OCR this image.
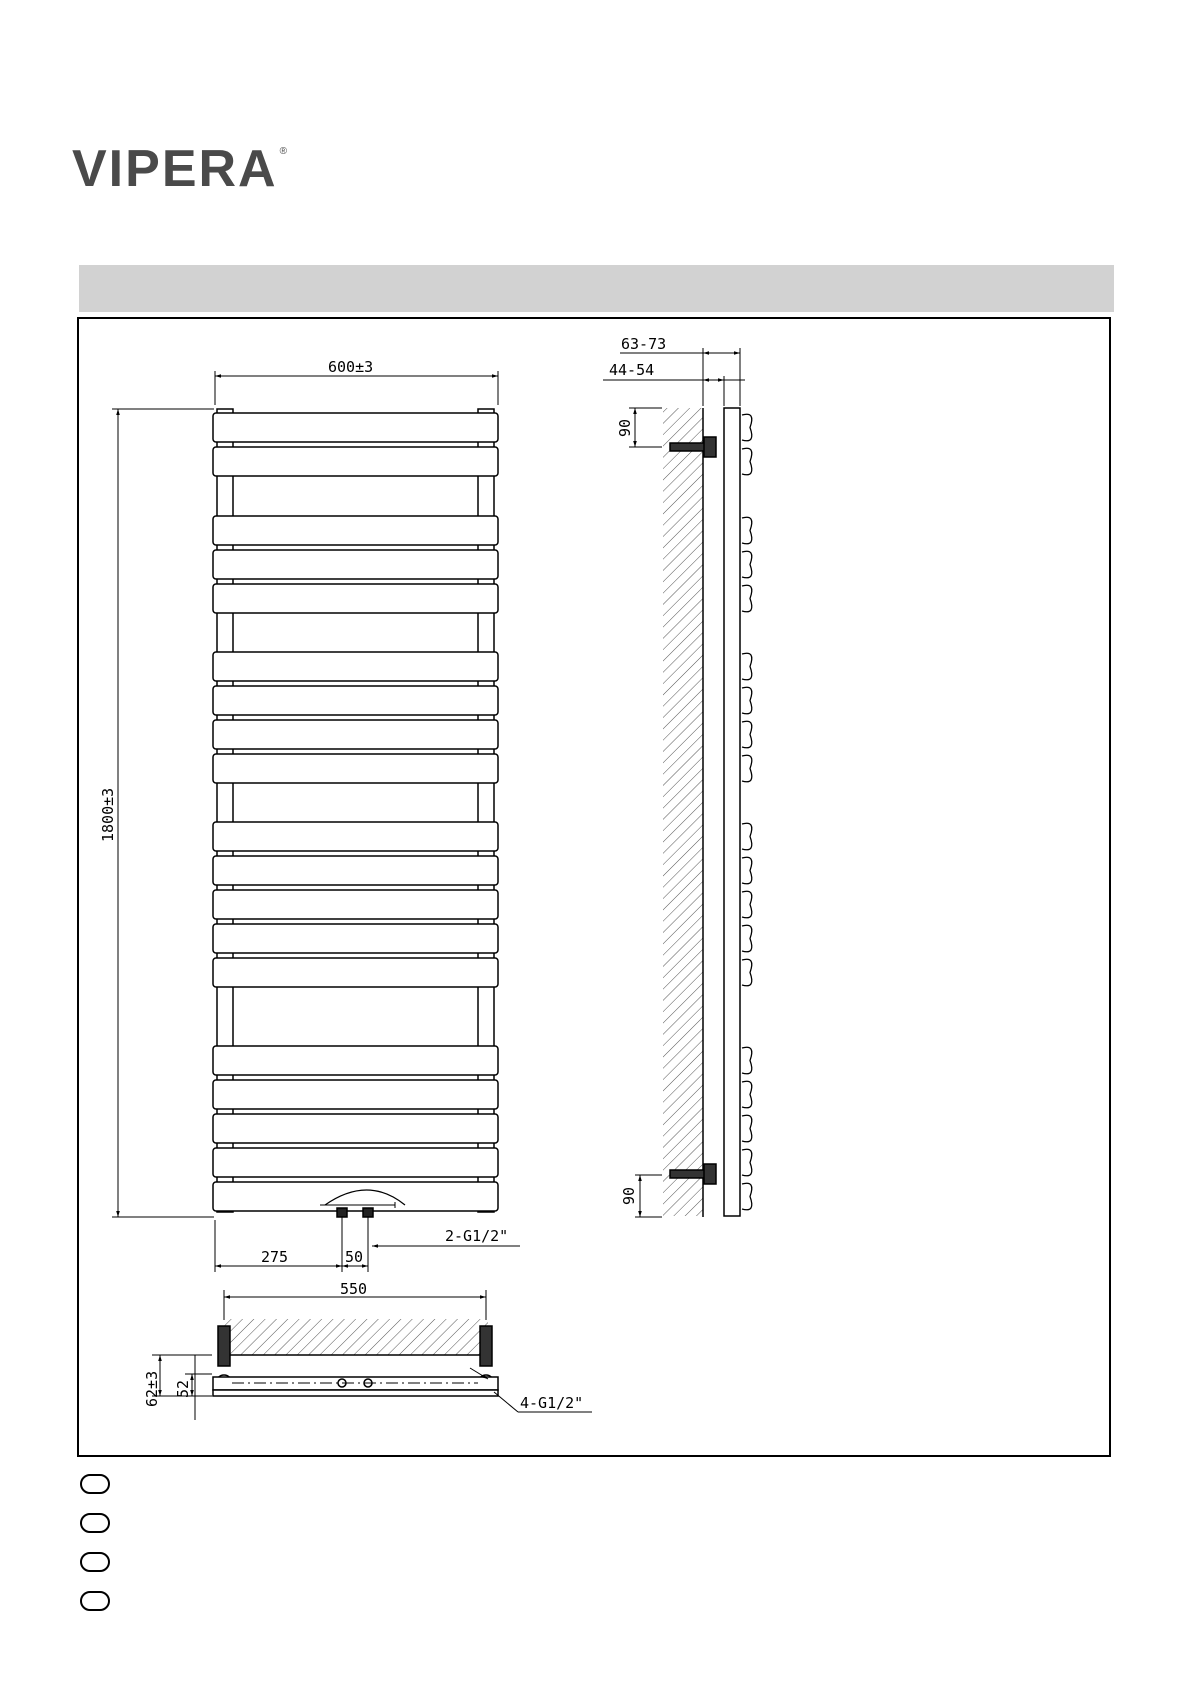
VIPERA ®
600±3
1800±3
275	50
2-G1/2"
63-73
44-54
90
90
550
62±3 52
4-G1/2"
